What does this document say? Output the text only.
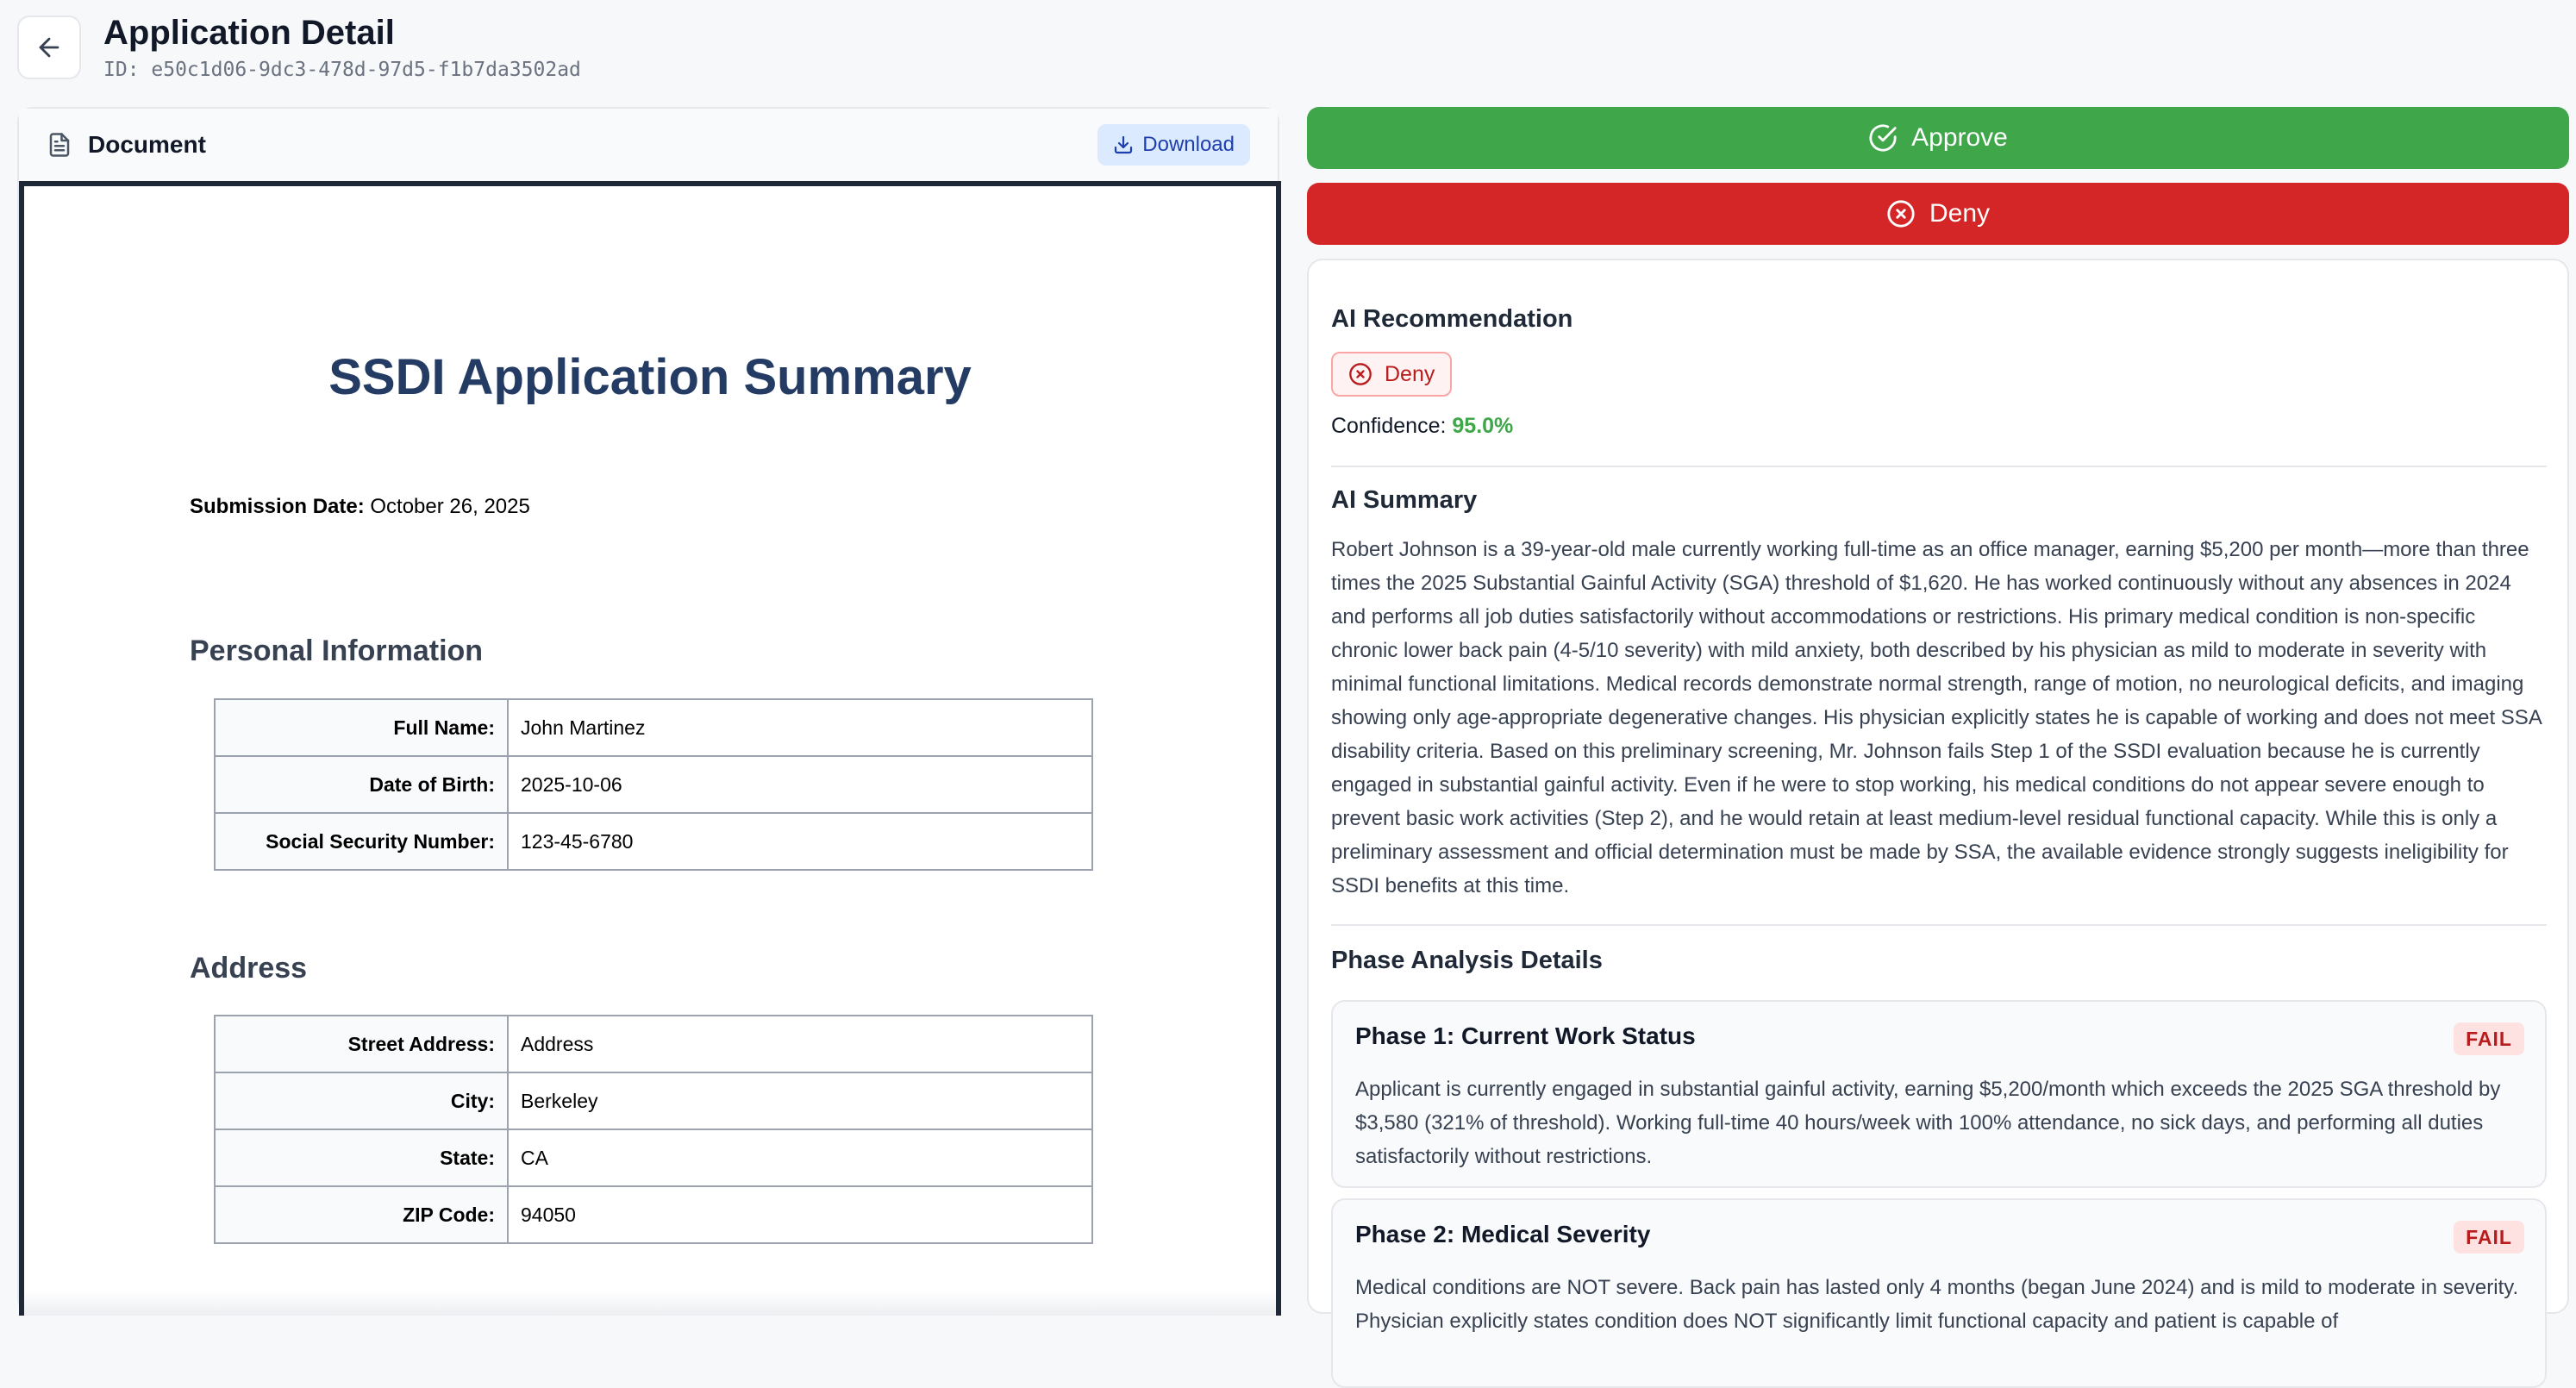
Application Detail
ID: e50c1d06-9dc3-478d-97d5-f1b7da3502ad
Document	Download
SSDI Application Summary
Submission Date: October 26, 2025
Personal Information
Full Name:	John Martinez
Date of Birth:	2025-10-06
Social Security Number:	123-45-6780
Address
Street Address:	Address
City:	Berkeley
State:	CA
ZIP Code:	94050
Approve
Deny
AI Recommendation
Deny
Confidence: 95.0%
AI Summary
Robert Johnson is a 39-year-old male currently working full-time as an office manager, earning $5,200 per month—more than three times the 2025 Substantial Gainful Activity (SGA) threshold of $1,620. He has worked continuously without any absences in 2024 and performs all job duties satisfactorily without accommodations or restrictions. His primary medical condition is non-specific chronic lower back pain (4-5/10 severity) with mild anxiety, both described by his physician as mild to moderate in severity with minimal functional limitations. Medical records demonstrate normal strength, range of motion, no neurological deficits, and imaging showing only age-appropriate degenerative changes. His physician explicitly states he is capable of working and does not meet SSA disability criteria. Based on this preliminary screening, Mr. Johnson fails Step 1 of the SSDI evaluation because he is currently engaged in substantial gainful activity. Even if he were to stop working, his medical conditions do not appear severe enough to prevent basic work activities (Step 2), and he would retain at least medium-level residual functional capacity. While this is only a preliminary assessment and official determination must be made by SSA, the available evidence strongly suggests ineligibility for SSDI benefits at this time.
Phase Analysis Details
Phase 1: Current Work Status	FAIL
Applicant is currently engaged in substantial gainful activity, earning $5,200/month which exceeds the 2025 SGA threshold by $3,580 (321% of threshold). Working full-time 40 hours/week with 100% attendance, no sick days, and performing all duties satisfactorily without restrictions.
Phase 2: Medical Severity	FAIL
Medical conditions are NOT severe. Back pain has lasted only 4 months (began June 2024) and is mild to moderate in severity. Physician explicitly states condition does NOT significantly limit functional capacity and patient is capable of
